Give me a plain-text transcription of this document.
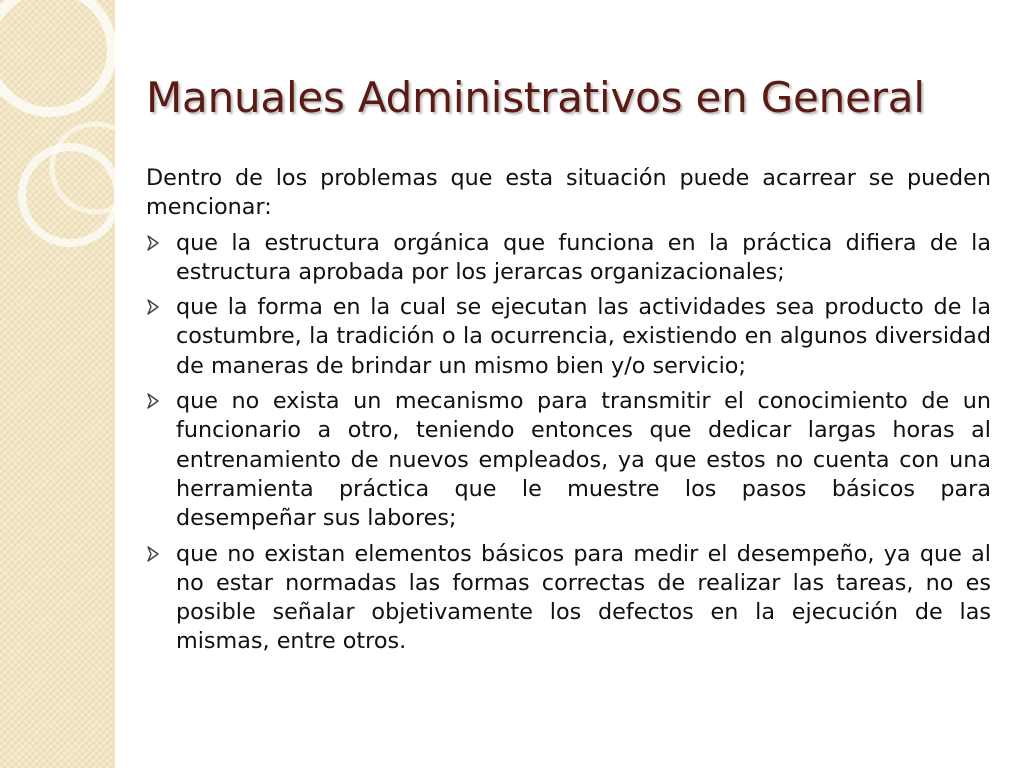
Manuales Administrativos en General

Dentro de los problemas que esta situación puede acarrear se pueden mencionar:

que la estructura orgánica que funciona en la práctica difiera de la estructura aprobada por los jerarcas organizacionales;
que la forma en la cual se ejecutan las actividades sea producto de la costumbre, la tradición o la ocurrencia, existiendo en algunos diversidad de maneras de brindar un mismo bien y/o servicio;
que no exista un mecanismo para transmitir el conocimiento de un funcionario a otro, teniendo entonces que dedicar largas horas al entrenamiento de nuevos empleados, ya que estos no cuenta con una herramienta práctica que le muestre los pasos básicos para desempeñar sus labores;
que no existan elementos básicos para medir el desempeño, ya que al no estar normadas las formas correctas de realizar las tareas, no es posible señalar objetivamente los defectos en la ejecución de las mismas, entre otros.
